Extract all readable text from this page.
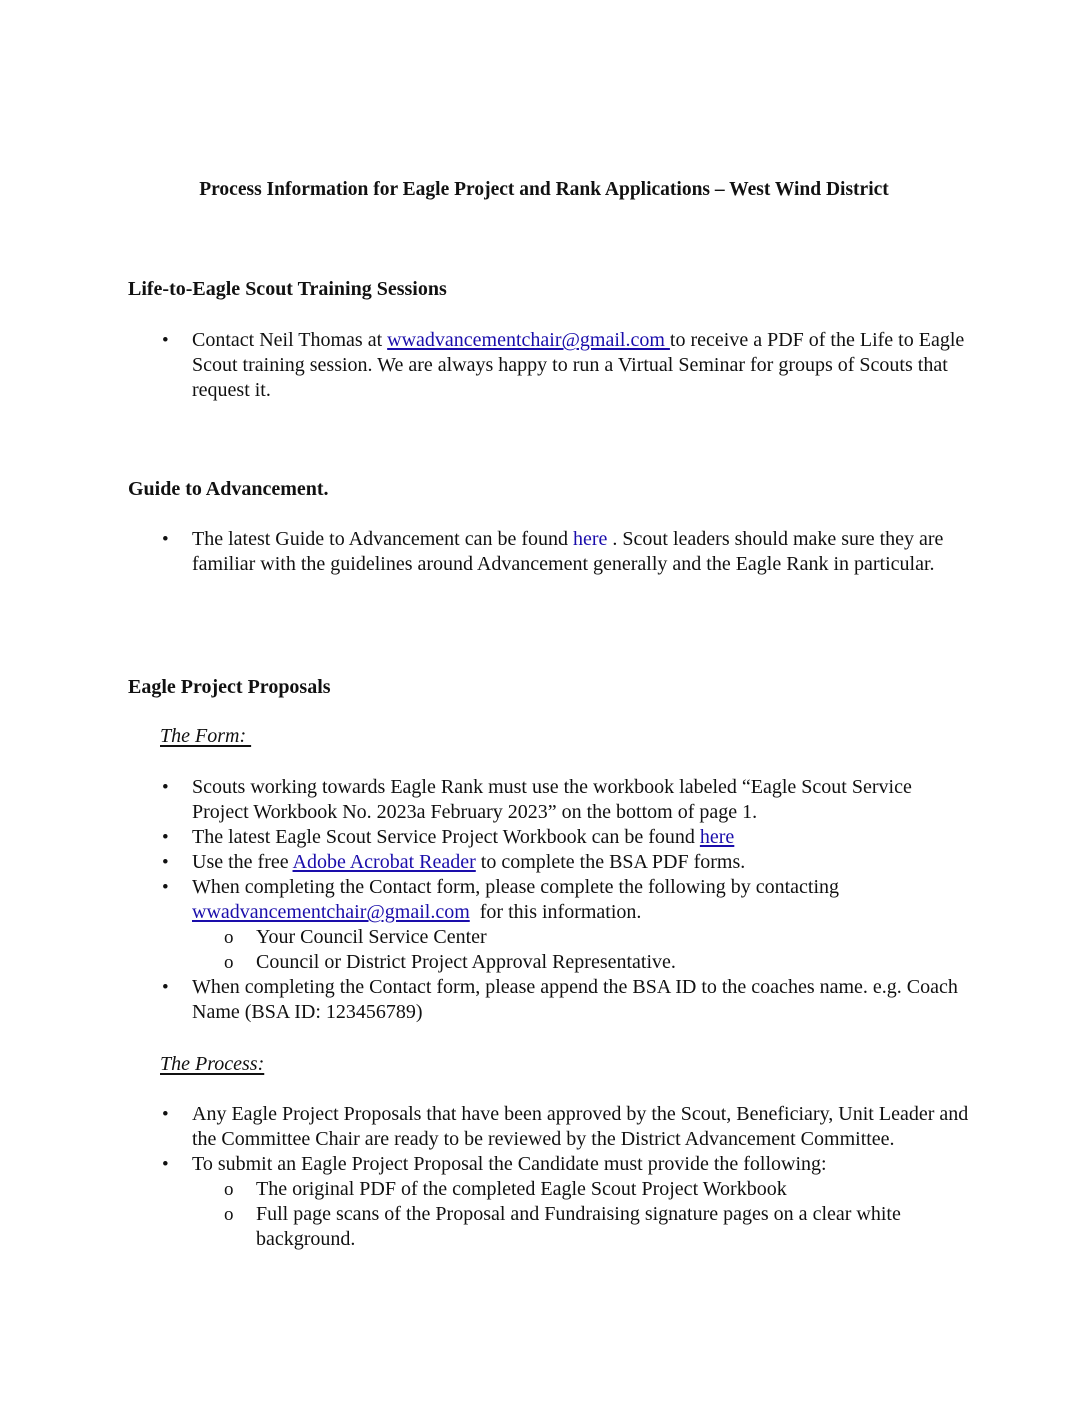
Process Information for Eagle Project and Rank Applications – West Wind District
Life-to-Eagle Scout Training Sessions
• Contact Neil Thomas at wwadvancementchair@gmail.com to receive a PDF of the Life to Eagle Scout training session. We are always happy to run a Virtual Seminar for groups of Scouts that request it.
Guide to Advancement.
• The latest Guide to Advancement can be found here . Scout leaders should make sure they are familiar with the guidelines around Advancement generally and the Eagle Rank in particular.
Eagle Project Proposals
The Form:
• Scouts working towards Eagle Rank must use the workbook labeled “Eagle Scout Service Project Workbook No. 2023a February 2023” on the bottom of page 1.
• The latest Eagle Scout Service Project Workbook can be found here
• Use the free Adobe Acrobat Reader to complete the BSA PDF forms.
• When completing the Contact form, please complete the following by contacting wwadvancementchair@gmail.com  for this information.
o Your Council Service Center
o Council or District Project Approval Representative.
• When completing the Contact form, please append the BSA ID to the coaches name. e.g. Coach Name (BSA ID: 123456789)
The Process:
• Any Eagle Project Proposals that have been approved by the Scout, Beneficiary, Unit Leader and the Committee Chair are ready to be reviewed by the District Advancement Committee.
• To submit an Eagle Project Proposal the Candidate must provide the following:
o The original PDF of the completed Eagle Scout Project Workbook
o Full page scans of the Proposal and Fundraising signature pages on a clear white background.
